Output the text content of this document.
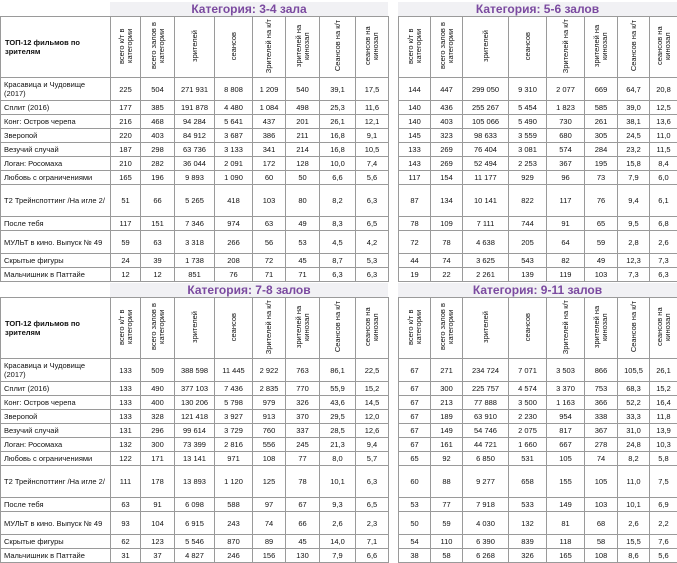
Категория: 3-4 зала
ТОП-12 фильмов по зрителям	всего к/т в категории	всего залов в категории	зрителей	сеансов	Зрителей на к/т	зрителей на кинозал	Сеансов на к/т	сеансов на кинозал
Красавица и Чудовище (2017)	225	504	271 931	8 808	1 209	540	39,1	17,5
Сплит (2016)	177	385	191 878	4 480	1 084	498	25,3	11,6
Конг: Остров черепа	216	468	94 284	5 641	437	201	26,1	12,1
Зверопой	220	403	84 912	3 687	386	211	16,8	9,1
Везучий случай	187	298	63 736	3 133	341	214	16,8	10,5
Логан: Росомаха	210	282	36 044	2 091	172	128	10,0	7,4
Любовь с ограничениями	165	196	9 893	1 090	60	50	6,6	5,6
Т2 Трейнспоттинг /На игле 2/	51	66	5 265	418	103	80	8,2	6,3
После тебя	117	151	7 346	974	63	49	8,3	6,5
МУЛЬТ в кино. Выпуск № 49	59	63	3 318	266	56	53	4,5	4,2
Скрытые фигуры	24	39	1 738	208	72	45	8,7	5,3
Мальчишник в Паттайе	12	12	851	76	71	71	6,3	6,3
Категория: 5-6 залов
всего к/т в категории	всего залов в категории	зрителей	сеансов	Зрителей на к/т	зрителей на кинозал	Сеансов на к/т	сеансов на кинозал
144	447	299 050	9 310	2 077	669	64,7	20,8
140	436	255 267	5 454	1 823	585	39,0	12,5
140	403	105 066	5 490	730	261	38,1	13,6
145	323	98 633	3 559	680	305	24,5	11,0
133	269	76 404	3 081	574	284	23,2	11,5
143	269	52 494	2 253	367	195	15,8	8,4
117	154	11 177	929	96	73	7,9	6,0
87	134	10 141	822	117	76	9,4	6,1
78	109	7 111	744	91	65	9,5	6,8
72	78	4 638	205	64	59	2,8	2,6
44	74	3 625	543	82	49	12,3	7,3
19	22	2 261	139	119	103	7,3	6,3
Категория: 7-8 залов
ТОП-12 фильмов по зрителям	всего к/т в категории	всего залов в категории	зрителей	сеансов	Зрителей на к/т	зрителей на кинозал	Сеансов на к/т	сеансов на кинозал
Красавица и Чудовище (2017)	133	509	388 598	11 445	2 922	763	86,1	22,5
Сплит (2016)	133	490	377 103	7 436	2 835	770	55,9	15,2
Конг: Остров черепа	133	400	130 206	5 798	979	326	43,6	14,5
Зверопой	133	328	121 418	3 927	913	370	29,5	12,0
Везучий случай	131	296	99 614	3 729	760	337	28,5	12,6
Логан: Росомаха	132	300	73 399	2 816	556	245	21,3	9,4
Любовь с ограничениями	122	171	13 141	971	108	77	8,0	5,7
Т2 Трейнспоттинг /На игле 2/	111	178	13 893	1 120	125	78	10,1	6,3
После тебя	63	91	6 098	588	97	67	9,3	6,5
МУЛЬТ в кино. Выпуск № 49	93	104	6 915	243	74	66	2,6	2,3
Скрытые фигуры	62	123	5 546	870	89	45	14,0	7,1
Мальчишник в Паттайе	31	37	4 827	246	156	130	7,9	6,6
Категория: 9-11 залов
всего к/т в категории	всего залов в категории	зрителей	сеансов	Зрителей на к/т	зрителей на кинозал	Сеансов на к/т	сеансов на кинозал
67	271	234 724	7 071	3 503	866	105,5	26,1
67	300	225 757	4 574	3 370	753	68,3	15,2
67	213	77 888	3 500	1 163	366	52,2	16,4
67	189	63 910	2 230	954	338	33,3	11,8
67	149	54 746	2 075	817	367	31,0	13,9
67	161	44 721	1 660	667	278	24,8	10,3
65	92	6 850	531	105	74	8,2	5,8
60	88	9 277	658	155	105	11,0	7,5
53	77	7 918	533	149	103	10,1	6,9
50	59	4 030	132	81	68	2,6	2,2
54	110	6 390	839	118	58	15,5	7,6
38	58	6 268	326	165	108	8,6	5,6
